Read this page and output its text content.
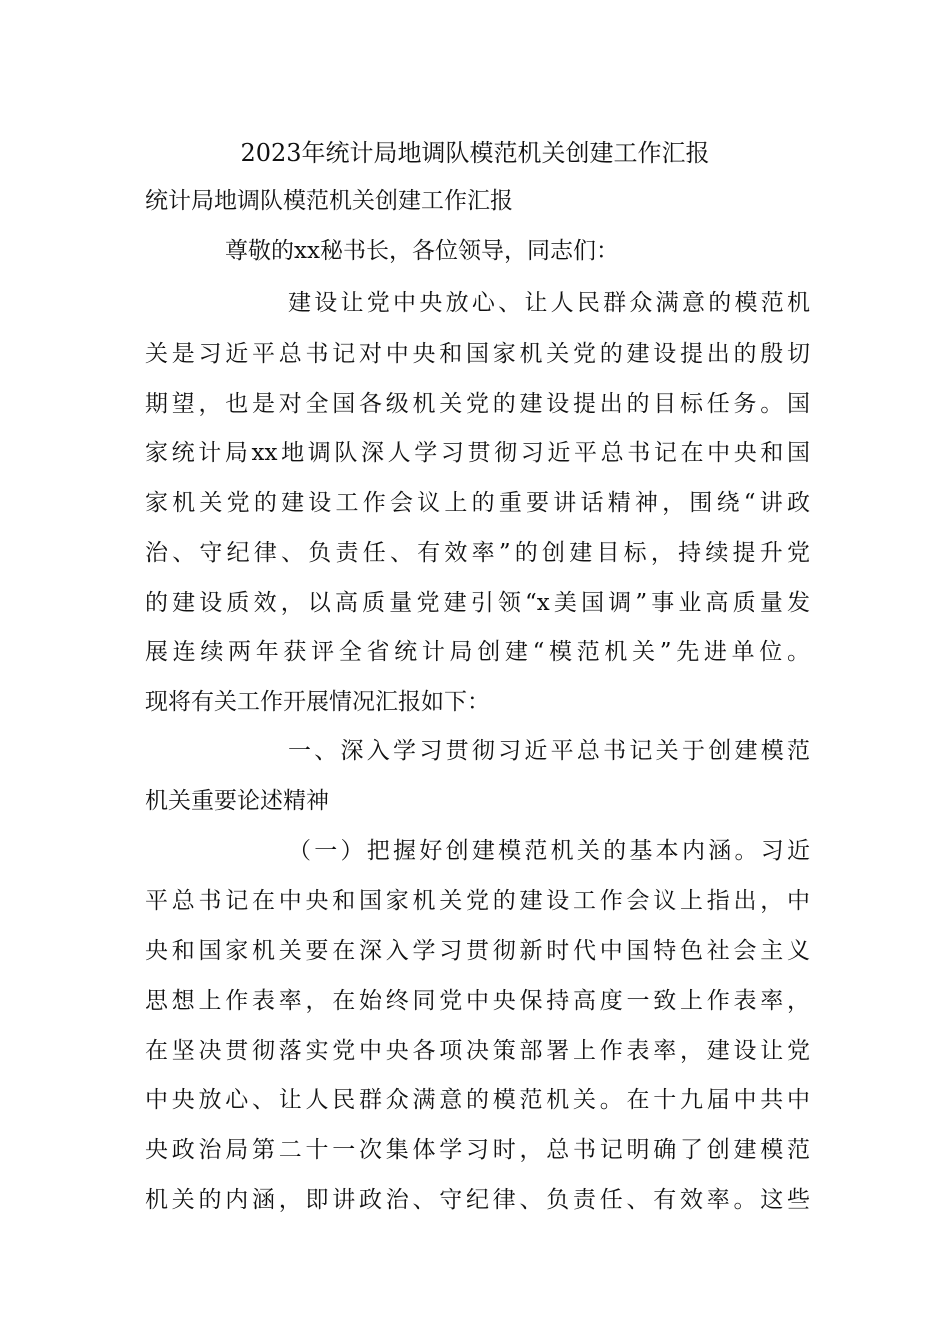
2023年统计局地调队模范机关创建工作汇报
统计局地调队模范机关创建工作汇报
尊敬的xx秘书长，各位领导，同志们：
建设让党中央放心、让人民群众满意的模范机
关是习近平总书记对中央和国家机关党的建设提出的殷切
期望，也是对全国各级机关党的建设提出的目标任务。国
家统计局xx地调队深人学习贯彻习近平总书记在中央和国
家机关党的建设工作会议上的重要讲话精神，围绕“讲政
治、守纪律、负责任、有效率”的创建目标，持续提升党
的建设质效，以高质量党建引领“x美国调”事业高质量发
展连续两年获评全省统计局创建“模范机关”先进单位。
现将有关工作开展情况汇报如下：
一、深入学习贯彻习近平总书记关于创建模范
机关重要论述精神
（一）把握好创建模范机关的基本内涵。习近
平总书记在中央和国家机关党的建设工作会议上指出，中
央和国家机关要在深入学习贯彻新时代中国特色社会主义
思想上作表率，在始终同党中央保持高度一致上作表率，
在坚决贯彻落实党中央各项决策部署上作表率，建设让党
中央放心、让人民群众满意的模范机关。在十九届中共中
央政治局第二十一次集体学习时，总书记明确了创建模范
机关的内涵，即讲政治、守纪律、负责任、有效率。这些
